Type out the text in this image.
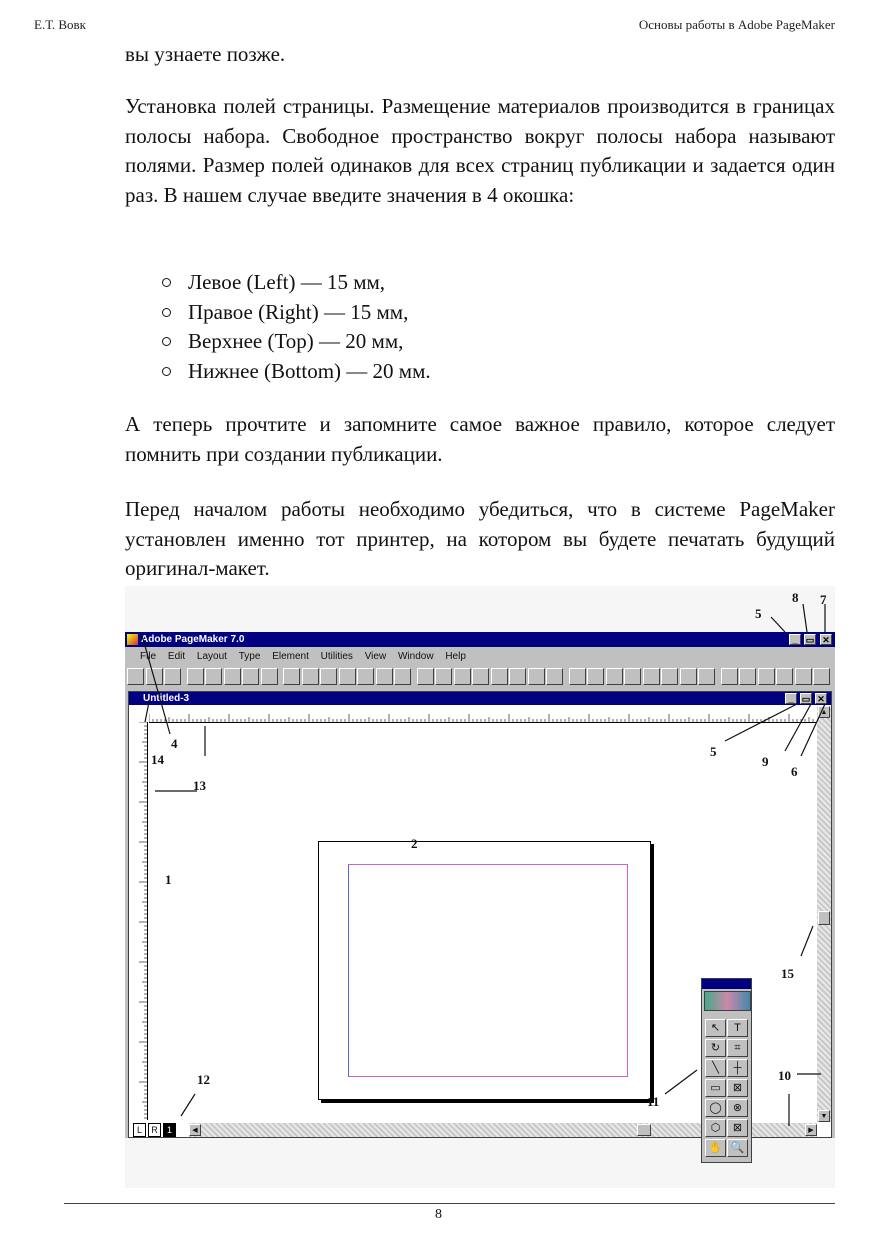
Е.Т. Вовк	Основы работы в Adobe PageMaker

вы узнаете позже.

Установка полей страницы. Размещение материалов производится в границах полосы набора. Свободное пространство вокруг полосы набора называют полями. Размер полей одинаков для всех страниц публикации и задается один раз. В нашем случае введите значения в 4 окошка:

Левое (Left) — 15 мм,
Правое (Right) — 15 мм,
Верхнее (Top) — 20 мм,
Нижнее (Bottom) — 20 мм.

А теперь прочтите и запомните самое важное правило, которое следует помнить при создании публикации.

Перед началом работы необходимо убедиться, что в системе PageMaker установлен именно тот принтер, на котором вы будете печатать будущий оригинал-макет.

Adobe PageMaker 7.0	_ ▭ ✕
File Edit Layout Type Element Utilities View Window Help
Untitled-3	_ ▭ ✕
▲
▼
◀	▶
L R 1
↖	T
↻	⌗
╲	┼
▭	⊠
◯	⊗
⬡	⊠
✋ 🔍
1
2
4
5
5
6
7
8
9
10
11
12
13
14
15
8
